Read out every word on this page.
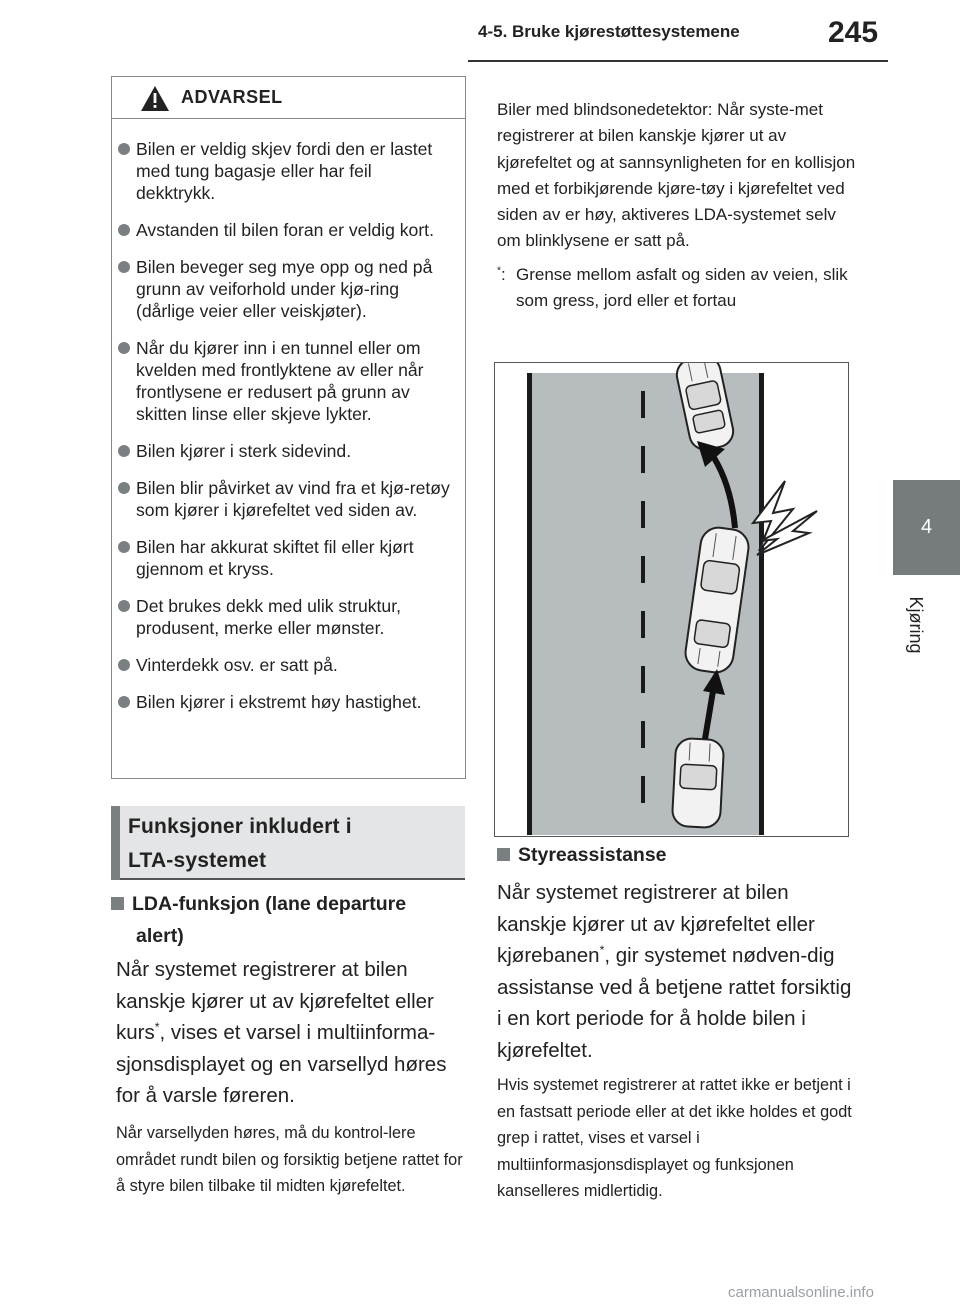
4-5. Bruke kjørestøttesystemene	245
4
Kjøring
ADVARSEL
Bilen er veldig skjev fordi den er lastet med tung bagasje eller har feil dekktrykk.
Avstanden til bilen foran er veldig kort.
Bilen beveger seg mye opp og ned på grunn av veiforhold under kjø-ring (dårlige veier eller veiskjøter).
Når du kjører inn i en tunnel eller om kvelden med frontlyktene av eller når frontlysene er redusert på grunn av skitten linse eller skjeve lykter.
Bilen kjører i sterk sidevind.
Bilen blir påvirket av vind fra et kjø-retøy som kjører i kjørefeltet ved siden av.
Bilen har akkurat skiftet fil eller kjørt gjennom et kryss.
Det brukes dekk med ulik struktur, produsent, merke eller mønster.
Vinterdekk osv. er satt på.
Bilen kjører i ekstremt høy hastighet.
Funksjoner inkludert i
LTA-systemet
LDA-funksjon (lane departure
alert)
Når systemet registrerer at bilen kanskje kjører ut av kjørefeltet eller kurs*, vises et varsel i multiinforma-sjonsdisplayet og en varsellyd høres for å varsle føreren.
Når varsellyden høres, må du kontrol-lere området rundt bilen og forsiktig betjene rattet for å styre bilen tilbake til midten kjørefeltet.
Biler med blindsonedetektor: Når syste-met registrerer at bilen kanskje kjører ut av kjørefeltet og at sannsynligheten for en kollisjon med et forbikjørende kjøre-tøy i kjørefeltet ved siden av er høy, aktiveres LDA-systemet selv om blinklysene er satt på.
*: Grense mellom asfalt og siden av veien, slik som gress, jord eller et fortau
Styreassistanse
Når systemet registrerer at bilen kanskje kjører ut av kjørefeltet eller kjørebanen*, gir systemet nødven-dig assistanse ved å betjene rattet forsiktig i en kort periode for å holde bilen i kjørefeltet.
Hvis systemet registrerer at rattet ikke er betjent i en fastsatt periode eller at det ikke holdes et godt grep i rattet, vises et varsel i multiinformasjonsdisplayet og funksjonen kanselleres midlertidig.
carmanualsonline.info
